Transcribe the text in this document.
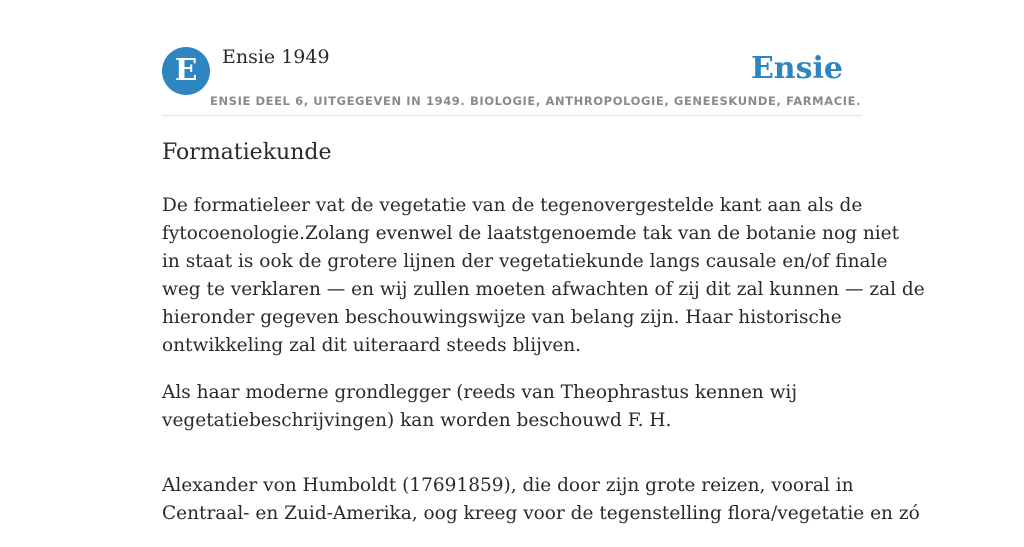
E	Ensie 1949	Ensie
ENSIE DEEL 6, UITGEGEVEN IN 1949. BIOLOGIE, ANTHROPOLOGIE, GENEESKUNDE, FARMACIE.
Formatiekunde

De formatieleer vat de vegetatie van de tegenovergestelde kant aan als de
fytocoenologie.Zolang evenwel de laatstgenoemde tak van de botanie nog niet
in staat is ook de grotere lijnen der vegetatiekunde langs causale en/of finale
weg te verklaren — en wij zullen moeten afwachten of zij dit zal kunnen — zal de
hieronder gegeven beschouwingswijze van belang zijn. Haar historische
ontwikkeling zal dit uiteraard steeds blijven.

Als haar moderne grondlegger (reeds van Theophrastus kennen wij
vegetatiebeschrijvingen) kan worden beschouwd F. H.

Alexander von Humboldt (17691859), die door zijn grote reizen, vooral in
Centraal- en Zuid-Amerika, oog kreeg voor de tegenstelling flora/vegetatie en zó
